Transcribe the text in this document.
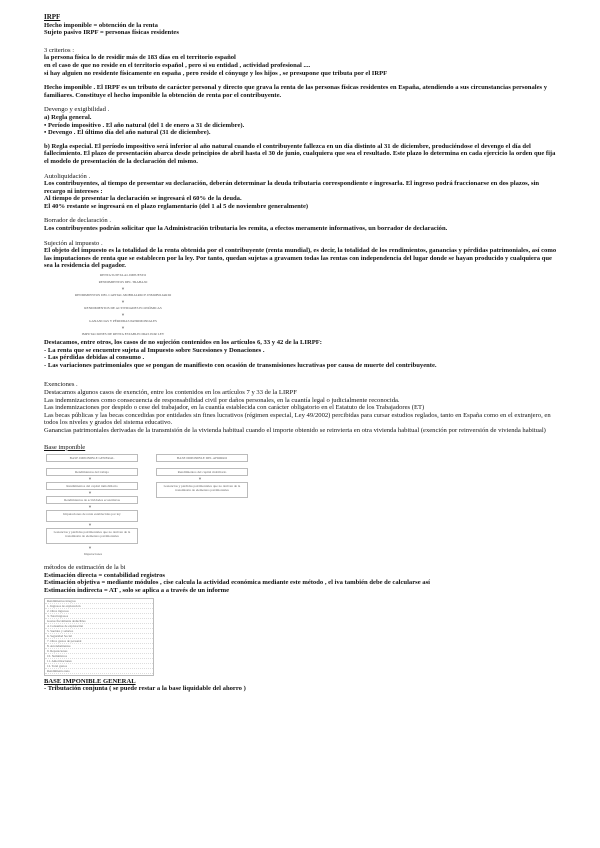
IRPF
Hecho imponible = obtención de la renta
Sujeto pasivo IRPF = personas físicas residentes
3 criterios :
la persona física lo de residir más de 183 días en el territorio español
en el caso de que no reside en el territorio español , pero si su entidad , actividad profesional ....
si hay alguien no residente físicamente en españa , pero reside el cónyuge y los hijos , se presupone que tributa por el IRPF
Hecho imponible . El IRPF es un tributo de carácter personal y directo que grava la renta de las personas físicas residentes en España, atendiendo a sus circunstancias personales y familiares. Constituye el hecho imponible la obtención de renta por el contribuyente.
Devengo y exigibilidad .
a) Regla general.
• Período impositivo . El año natural (del 1 de enero a 31 de diciembre).
• Devengo . El último día del año natural (31 de diciembre).
b) Regla especial. El período impositivo será inferior al año natural cuando el contribuyente fallezca en un día distinto al 31 de diciembre, produciéndose el devengo el día del fallecimiento. El plazo de presentación abarca desde principios de abril hasta el 30 de junio, cualquiera que sea el resultado. Este plazo lo determina en cada ejercicio la orden que fija el modelo de presentación de la declaración del mismo.
Autoliquidación .
Los contribuyentes, al tiempo de presentar su declaración, deberán determinar la deuda tributaria correspondiente e ingresarla. El ingreso podrá fraccionarse en dos plazos, sin recargo ni intereses :
Al tiempo de presentar la declaración se ingresará el 60% de la deuda.
El 40% restante se ingresará en el plazo reglamentario (del 1 al 5 de noviembre generalmente)
Borrador de declaración .
Los contribuyentes podrán solicitar que la Administración tributaria les remita, a efectos meramente informativos, un borrador de declaración.
Sujeción al impuesto .
El objeto del impuesto es la totalidad de la renta obtenida por el contribuyente (renta mundial), es decir, la totalidad de los rendimientos, ganancias y pérdidas patrimoniales, así como las imputaciones de renta que se establecen por la ley. Por tanto, quedan sujetas a gravamen todas las rentas con independencia del lugar donde se hayan producido y cualquiera que sea la residencia del pagador.
RENTA SUJETA AL IMPUESTO
RENDIMIENTOS DEL TRABAJO
▼
RENDIMIENTOS DEL CAPITAL MOBILIARIO E INMOBILIARIO
▼
RENDIMIENTOS DE ACTIVIDADES ECONÓMICAS
▼
GANANCIAS Y PÉRDIDAS PATRIMONIALES
▼
IMPUTACIONES DE RENTA ESTABLECIDAS POR LEY
Destacamos, entre otros, los casos de no sujeción contenidos en los artículos 6, 33 y 42 de la LIRPF:
- La renta que se encuentre sujeta al Impuesto sobre Sucesiones y Donaciones .
- Las pérdidas debidas al consumo .
- Las variaciones patrimoniales que se pongan de manifiesto con ocasión de transmisiones lucrativas por causa de muerte del contribuyente.
Exenciones .
Destacamos algunos casos de exención, entre los contenidos en los artículos 7 y 33 de la LIRPF
Las indemnizaciones como consecuencia de responsabilidad civil por daños personales, en la cuantía legal o judicialmente reconocida.
Las indemnizaciones por despido o cese del trabajador, en la cuantía establecida con carácter obligatorio en el Estatuto de los Trabajadores (ET)
Las becas públicas y las becas concedidas por entidades sin fines lucrativos (régimen especial, Ley 49/2002) percibidas para cursar estudios reglados, tanto en España como en el extranjero, en todos los niveles y grados del sistema educativo.
Ganancias patrimoniales derivadas de la transmisión de la vivienda habitual cuando el importe obtenido se reinvierta en otra vivienda habitual (exención por reinversión de vivienda habitual)
Base imponible
BASE IMPONIBLE GENERAL	BASE IMPONIBLE DEL AHORRO
Rendimientos del trabajo	Rendimientos del capital mobiliario
▼
Rendimientos del capital inmobiliario
▼
Ganancias y pérdidas patrimoniales que no deriven de la transmisión de elementos patrimoniales
▼
Rendimientos de actividades económicas
▼
Imputaciones de renta establecidas por ley
▼
Ganancias y pérdidas patrimoniales que no deriven de la transmisión de elementos patrimoniales
▼
Imputaciones
métodos de estimación de la bi
Estimación directa = contabilidad registros
Estimación objetiva = mediante módulos , cise calcula la actividad económica mediante este método , el iva también debe de calcularse así
Estimación indirecta = AT , solo se aplica a a través de un informe
Rendimientos íntegros
1. Ingresos de explotación
2. Otros ingresos
3. Total ingresos
Gastos fiscalmente deducibles
4. Consumos de explotación
5. Sueldos y salarios
6. Seguridad Social
7. Otros gastos de personal
8. Arrendamientos
9. Reparaciones
10. Suministros
11. Amortizaciones
12. Total gastos
Rendimiento neto
Rendimiento neto reducido
BASE IMPONIBLE GENERAL
- Tributación conjunta ( se puede restar a la base liquidable del ahorro )
